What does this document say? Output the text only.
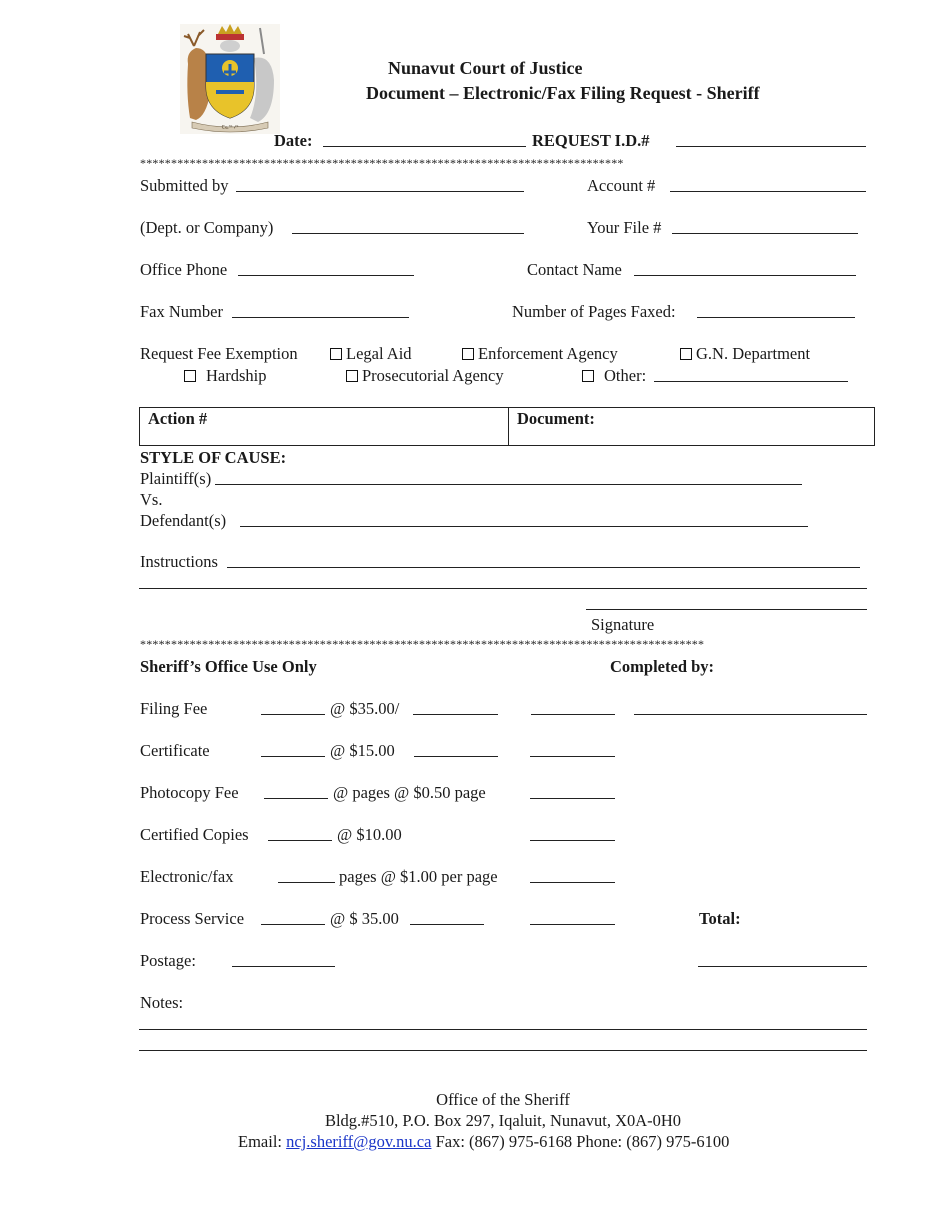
ᑕᓇᖅ ᓱᕐ
Nunavut Court of Justice
Document – Electronic/Fax Filing Request - Sheriff
Date:	REQUEST I.D.#
******************************************************************************
Submitted by	Account #
(Dept. or Company)	Your File #
Office Phone	Contact Name
Fax Number	Number of Pages Faxed:
Request Fee Exemption	Legal Aid	Enforcement Agency	G.N. Department
Hardship	Prosecutorial Agency	Other:
Action #	Document:
STYLE OF CAUSE:
Plaintiff(s)
Vs.
Defendant(s)
Instructions
Signature
*******************************************************************************************
Sheriff’s Office Use Only	Completed by:
Filing Fee	@ $35.00/
Certificate	@ $15.00
Photocopy Fee	@ pages @ $0.50 page
Certified Copies	@ $10.00
Electronic/fax	pages @ $1.00 per page
Process Service	@ $ 35.00	Total:
Postage:
Notes:
Office of the Sheriff
Bldg.#510, P.O. Box 297, Iqaluit, Nunavut, X0A-0H0
Email: ncj.sheriff@gov.nu.ca Fax: (867) 975-6168 Phone: (867) 975-6100
